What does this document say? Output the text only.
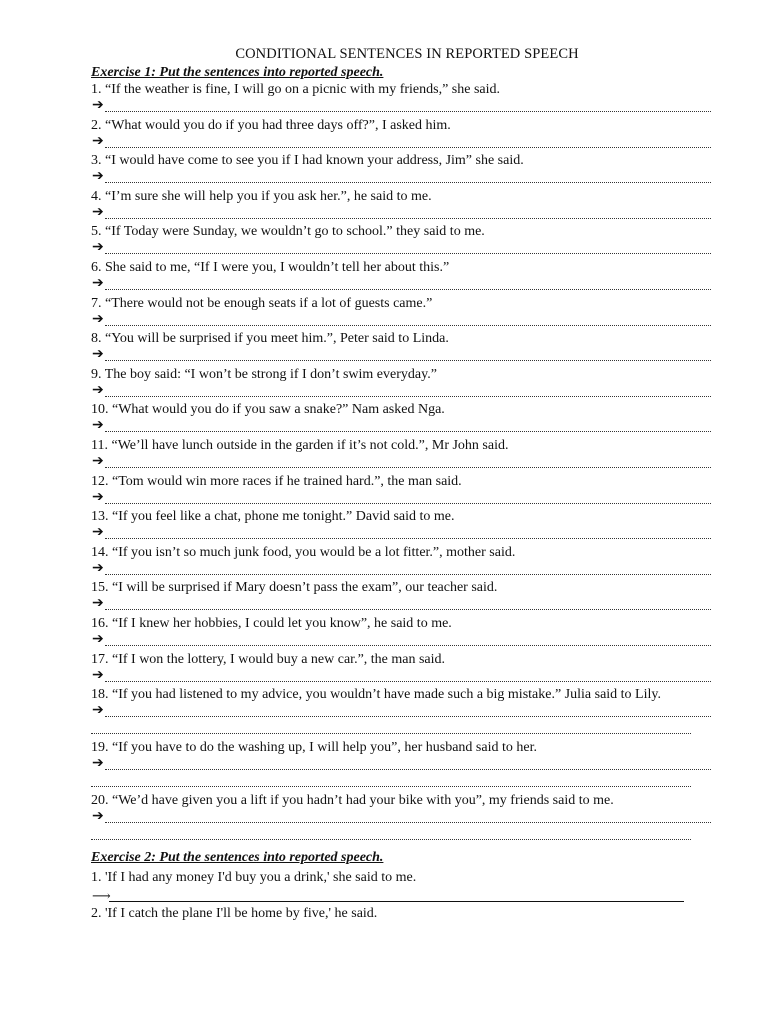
CONDITIONAL SENTENCES IN REPORTED SPEECH
Exercise 1: Put the sentences into reported speech.
1. “If the weather is fine, I will go on a picnic with my friends,” she said.
➔
2. “What would you do if you had three days off?”, I asked him.
➔
3. “I would have come to see you if I had known your address, Jim” she said.
➔
4. “I’m sure she will help you if you ask her.”, he said to me.
➔
5. “If Today were Sunday, we wouldn’t go to school.” they said to me.
➔
6. She said to me, “If I were you, I wouldn’t tell her about this.”
➔
7. “There would not be enough seats if a lot of guests came.”
➔
8. “You will be surprised if you meet him.”, Peter said to Linda.
➔
9. The boy said: “I won’t be strong if I don’t swim everyday.”
➔
10. “What would you do if you saw a snake?” Nam asked Nga.
➔
11. “We’ll have lunch outside in the garden if it’s not cold.”, Mr John said.
➔
12. “Tom would win more races if he trained hard.”, the man said.
➔
13. “If you feel like a chat, phone me tonight.” David said to me.
➔
14. “If you isn’t so much junk food, you would be a lot fitter.”, mother said.
➔
15. “I will be surprised if Mary doesn’t pass the exam”, our teacher said.
➔
16. “If I knew her hobbies, I could let you know”, he said to me.
➔
17. “If I won the lottery, I would buy a new car.”, the man said.
➔
18. “If you had listened to my advice, you wouldn’t have made such a big mistake.” Julia said to Lily.
➔
19. “If you have to do the washing up, I will help you”, her husband said to her.
➔
20. “We’d have given you a lift if you hadn’t had your bike with you”, my friends said to me.
➔
Exercise 2: Put the sentences into reported speech.
1. 'If I had any money I'd buy you a drink,' she said to me.
⟶
2. 'If I catch the plane I'll be home by five,' he said.
